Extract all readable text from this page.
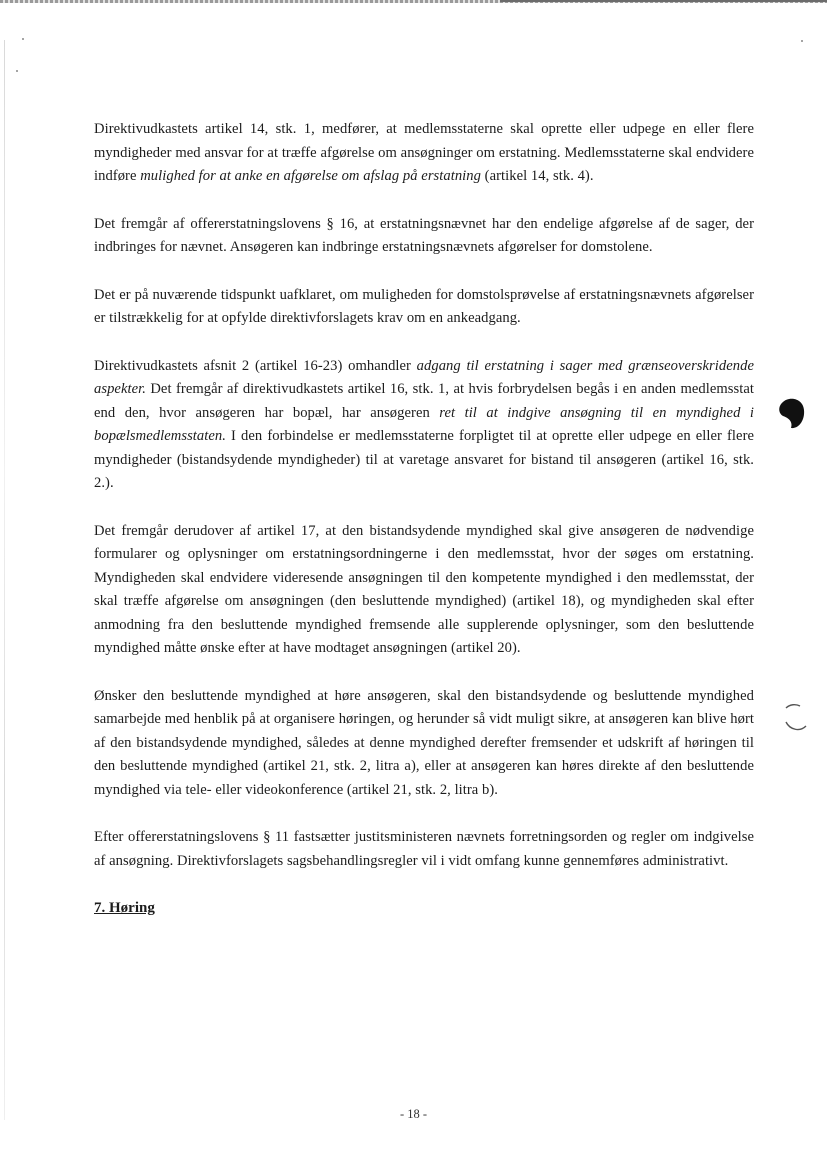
Direktivudkastets artikel 14, stk. 1, medfører, at medlemsstaterne skal oprette eller udpege en eller flere myndigheder med ansvar for at træffe afgørelse om ansøgninger om erstatning. Medlemsstaterne skal endvidere indføre mulighed for at anke en afgørelse om afslag på erstatning (artikel 14, stk. 4).

Det fremgår af offererstatningslovens § 16, at erstatningsnævnet har den endelige afgørelse af de sager, der indbringes for nævnet. Ansøgeren kan indbringe erstatningsnævnets afgørelser for domstolene.

Det er på nuværende tidspunkt uafklaret, om muligheden for domstolsprøvelse af erstatningsnævnets afgørelser er tilstrækkelig for at opfylde direktivforslagets krav om en ankeadgang.

Direktivudkastets afsnit 2 (artikel 16-23) omhandler adgang til erstatning i sager med grænseoverskridende aspekter. Det fremgår af direktivudkastets artikel 16, stk. 1, at hvis forbrydelsen begås i en anden medlemsstat end den, hvor ansøgeren har bopæl, har ansøgeren ret til at indgive ansøgning til en myndighed i bopælsmedlemsstaten. I den forbindelse er medlemsstaterne forpligtet til at oprette eller udpege en eller flere myndigheder (bistandsydende myndigheder) til at varetage ansvaret for bistand til ansøgeren (artikel 16, stk. 2.).

Det fremgår derudover af artikel 17, at den bistandsydende myndighed skal give ansøgeren de nødvendige formularer og oplysninger om erstatningsordningerne i den medlemsstat, hvor der søges om erstatning. Myndigheden skal endvidere videresende ansøgningen til den kompetente myndighed i den medlemsstat, der skal træffe afgørelse om ansøgningen (den besluttende myndighed) (artikel 18), og myndigheden skal efter anmodning fra den besluttende myndighed fremsende alle supplerende oplysninger, som den besluttende myndighed måtte ønske efter at have modtaget ansøgningen (artikel 20).

Ønsker den besluttende myndighed at høre ansøgeren, skal den bistandsydende og besluttende myndighed samarbejde med henblik på at organisere høringen, og herunder så vidt muligt sikre, at ansøgeren kan blive hørt af den bistandsydende myndighed, således at denne myndighed derefter fremsender et udskrift af høringen til den besluttende myndighed (artikel 21, stk. 2, litra a), eller at ansøgeren kan høres direkte af den besluttende myndighed via tele- eller videokonference (artikel 21, stk. 2, litra b).

Efter offererstatningslovens § 11 fastsætter justitsministeren nævnets forretningsorden og regler om indgivelse af ansøgning. Direktivforslagets sagsbehandlingsregler vil i vidt omfang kunne gennemføres administrativt.

7. Høring
- 18 -
